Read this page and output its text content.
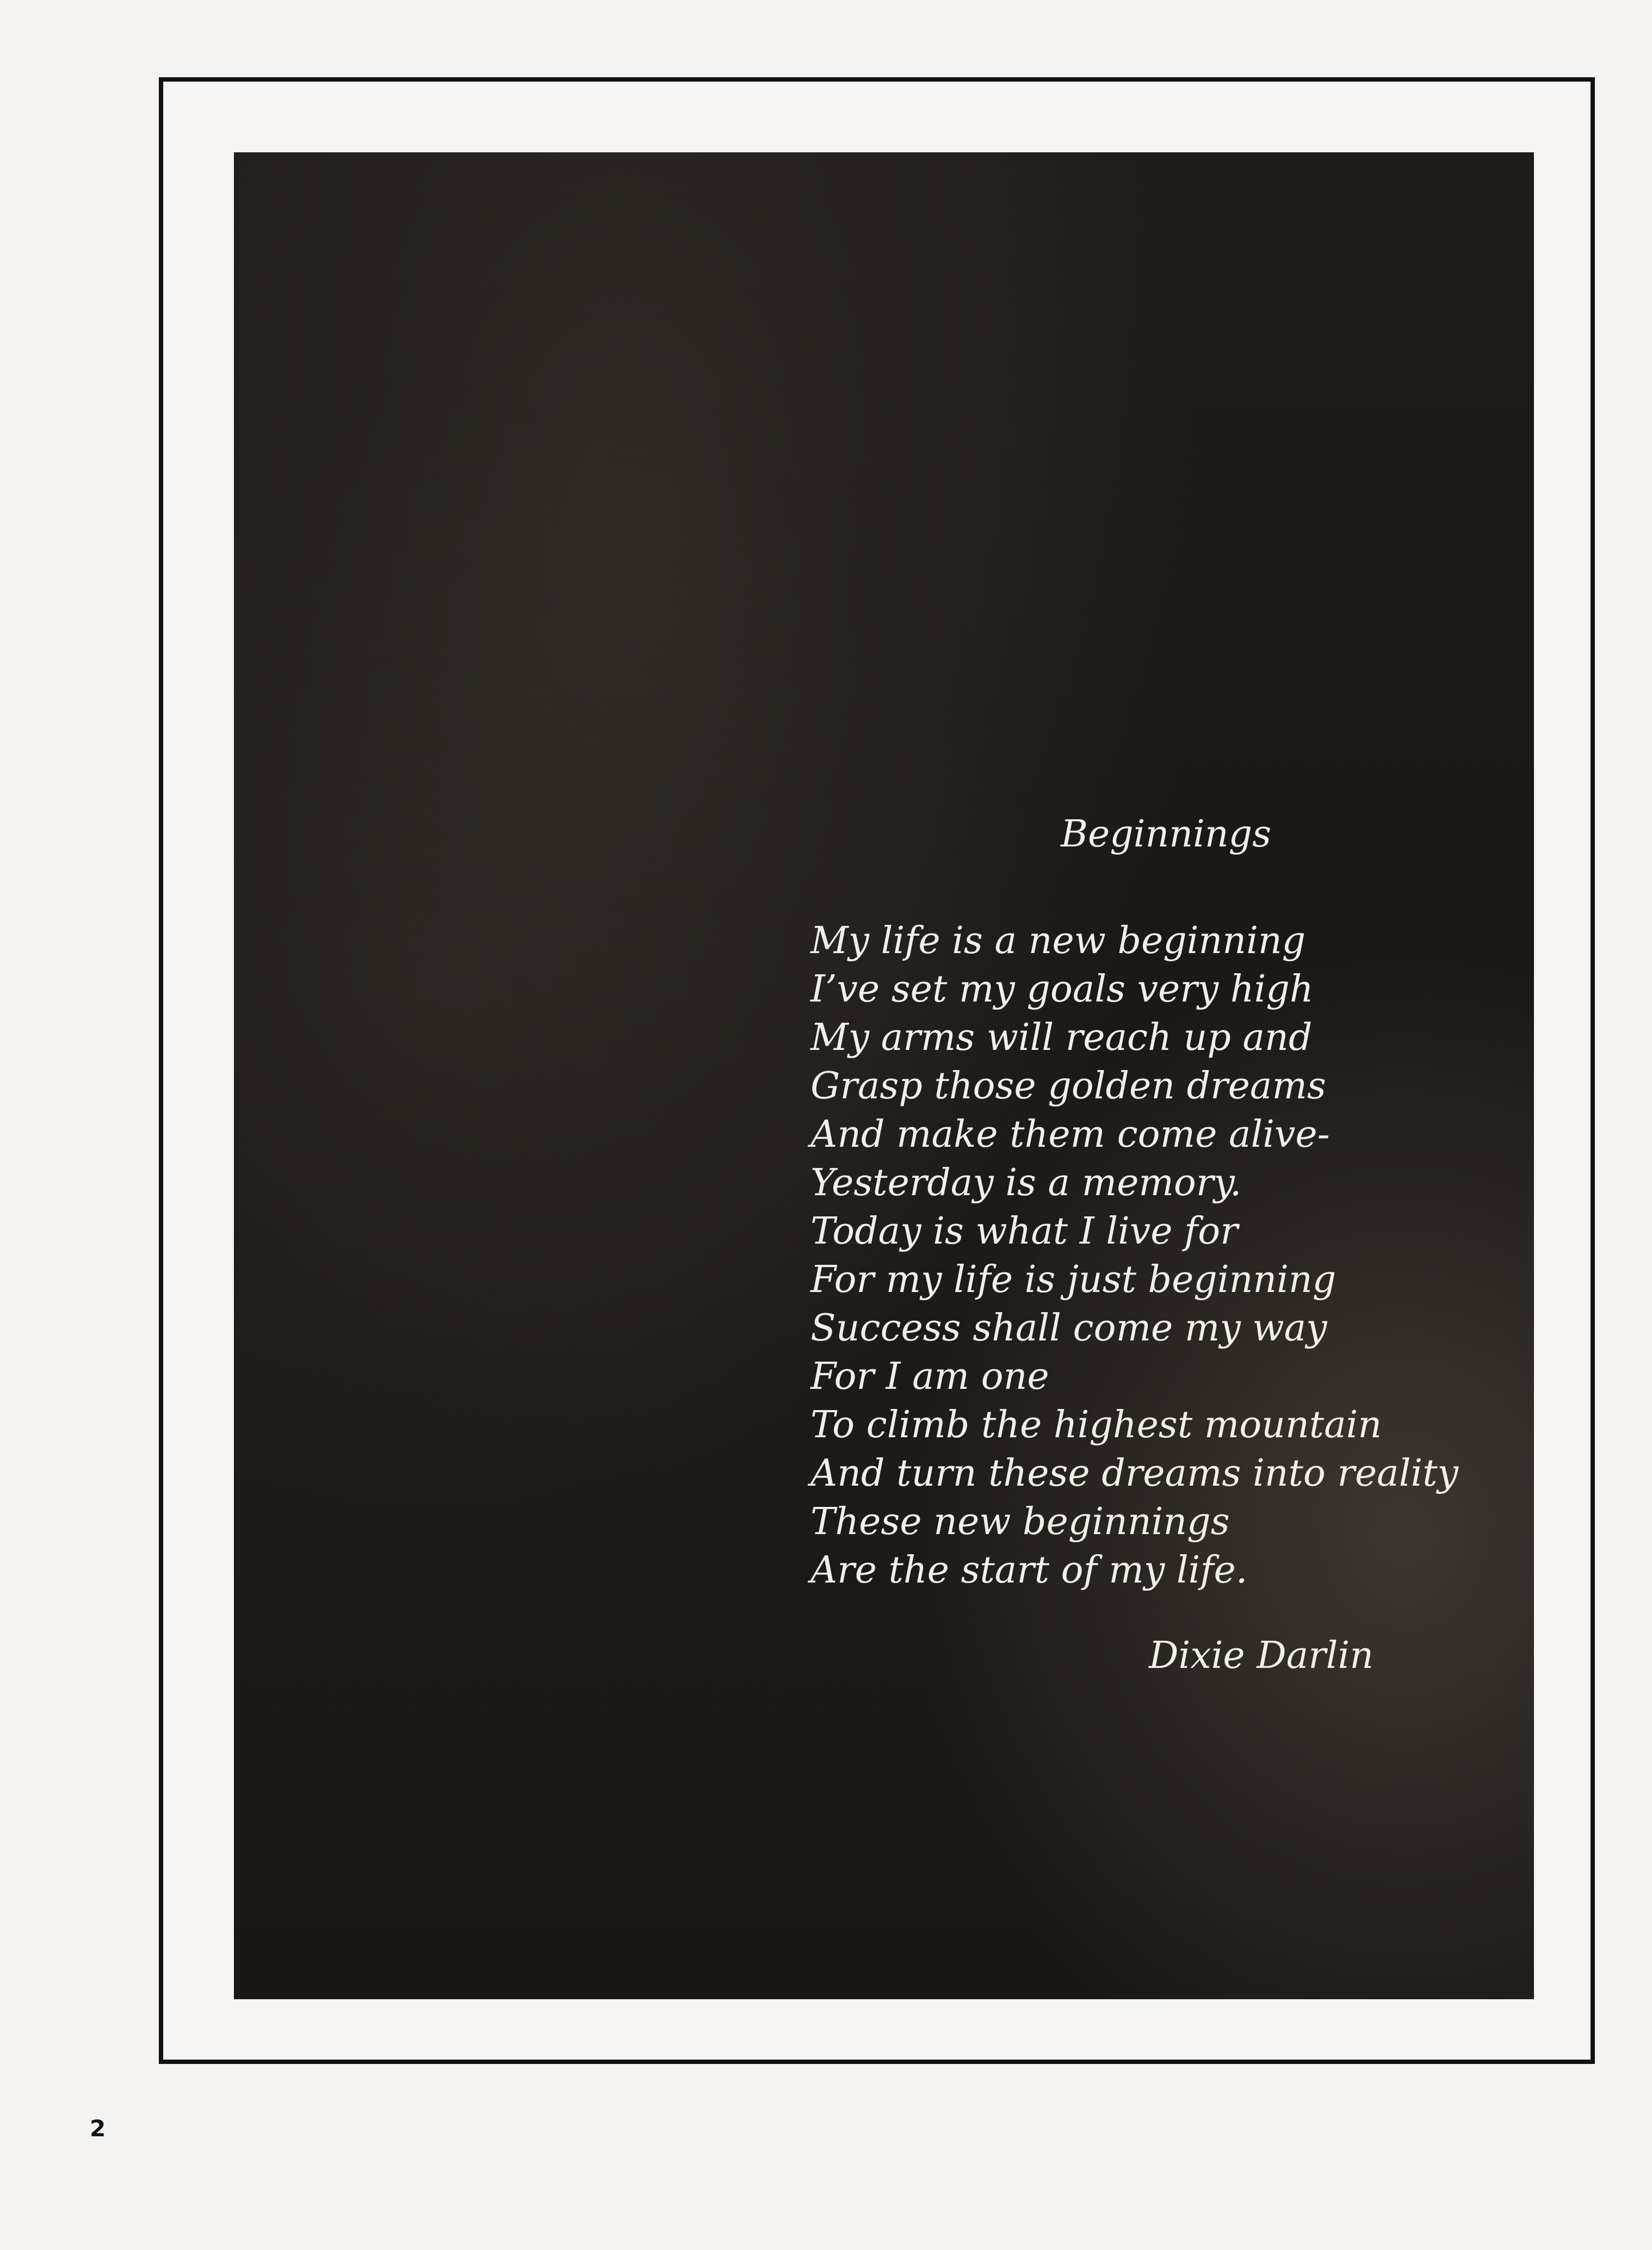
Beginnings
My life is a new beginning
I’ve set my goals very high
My arms will reach up and
Grasp those golden dreams
And make them come alive-
Yesterday is a memory.
Today is what I live for
For my life is just beginning
Success shall come my way
For I am one
To climb the highest mountain
And turn these dreams into reality
These new beginnings
Are the start of my life.
Dixie Darlin
2
